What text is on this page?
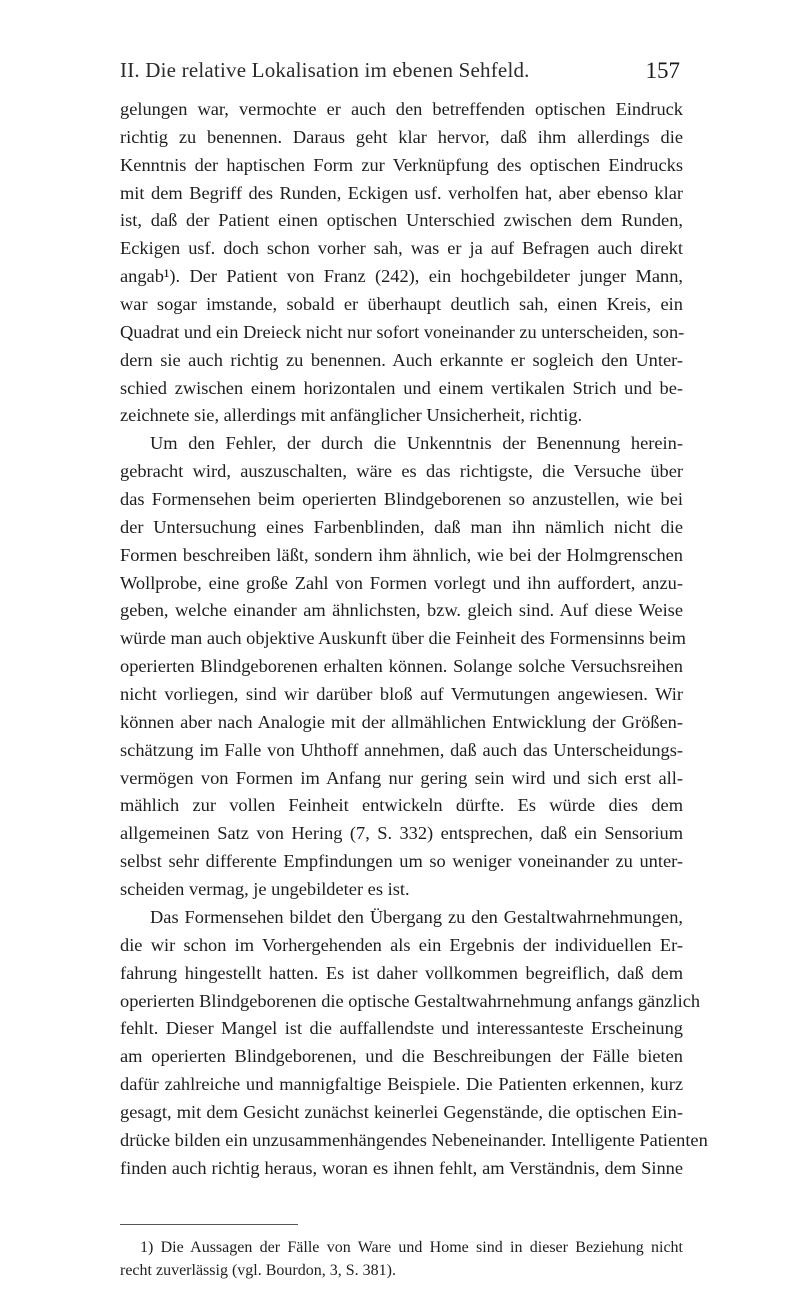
II. Die relative Lokalisation im ebenen Sehfeld.	157
gelungen war, vermochte er auch den betreffenden optischen Eindruck
richtig zu benennen. Daraus geht klar hervor, daß ihm allerdings die
Kenntnis der haptischen Form zur Verknüpfung des optischen Eindrucks
mit dem Begriff des Runden, Eckigen usf. verholfen hat, aber ebenso klar
ist, daß der Patient einen optischen Unterschied zwischen dem Runden,
Eckigen usf. doch schon vorher sah, was er ja auf Befragen auch direkt
angab¹). Der Patient von Franz (242), ein hochgebildeter junger Mann,
war sogar imstande, sobald er überhaupt deutlich sah, einen Kreis, ein
Quadrat und ein Dreieck nicht nur sofort voneinander zu unterscheiden, son-
dern sie auch richtig zu benennen. Auch erkannte er sogleich den Unter-
schied zwischen einem horizontalen und einem vertikalen Strich und be-
zeichnete sie, allerdings mit anfänglicher Unsicherheit, richtig.
Um den Fehler, der durch die Unkenntnis der Benennung herein-
gebracht wird, auszuschalten, wäre es das richtigste, die Versuche über
das Formensehen beim operierten Blindgeborenen so anzustellen, wie bei
der Untersuchung eines Farbenblinden, daß man ihn nämlich nicht die
Formen beschreiben läßt, sondern ihm ähnlich, wie bei der Holmgrenschen
Wollprobe, eine große Zahl von Formen vorlegt und ihn auffordert, anzu-
geben, welche einander am ähnlichsten, bzw. gleich sind. Auf diese Weise
würde man auch objektive Auskunft über die Feinheit des Formensinns beim
operierten Blindgeborenen erhalten können. Solange solche Versuchsreihen
nicht vorliegen, sind wir darüber bloß auf Vermutungen angewiesen. Wir
können aber nach Analogie mit der allmählichen Entwicklung der Größen-
schätzung im Falle von Uhthoff annehmen, daß auch das Unterscheidungs-
vermögen von Formen im Anfang nur gering sein wird und sich erst all-
mählich zur vollen Feinheit entwickeln dürfte. Es würde dies dem
allgemeinen Satz von Hering (7, S. 332) entsprechen, daß ein Sensorium
selbst sehr differente Empfindungen um so weniger voneinander zu unter-
scheiden vermag, je ungebildeter es ist.
Das Formensehen bildet den Übergang zu den Gestaltwahrnehmungen,
die wir schon im Vorhergehenden als ein Ergebnis der individuellen Er-
fahrung hingestellt hatten. Es ist daher vollkommen begreiflich, daß dem
operierten Blindgeborenen die optische Gestaltwahrnehmung anfangs gänzlich
fehlt. Dieser Mangel ist die auffallendste und interessanteste Erscheinung
am operierten Blindgeborenen, und die Beschreibungen der Fälle bieten
dafür zahlreiche und mannigfaltige Beispiele. Die Patienten erkennen, kurz
gesagt, mit dem Gesicht zunächst keinerlei Gegenstände, die optischen Ein-
drücke bilden ein unzusammenhängendes Nebeneinander. Intelligente Patienten
finden auch richtig heraus, woran es ihnen fehlt, am Verständnis, dem Sinne
1) Die Aussagen der Fälle von Ware und Home sind in dieser Beziehung nicht
recht zuverlässig (vgl. Bourdon, 3, S. 381).
